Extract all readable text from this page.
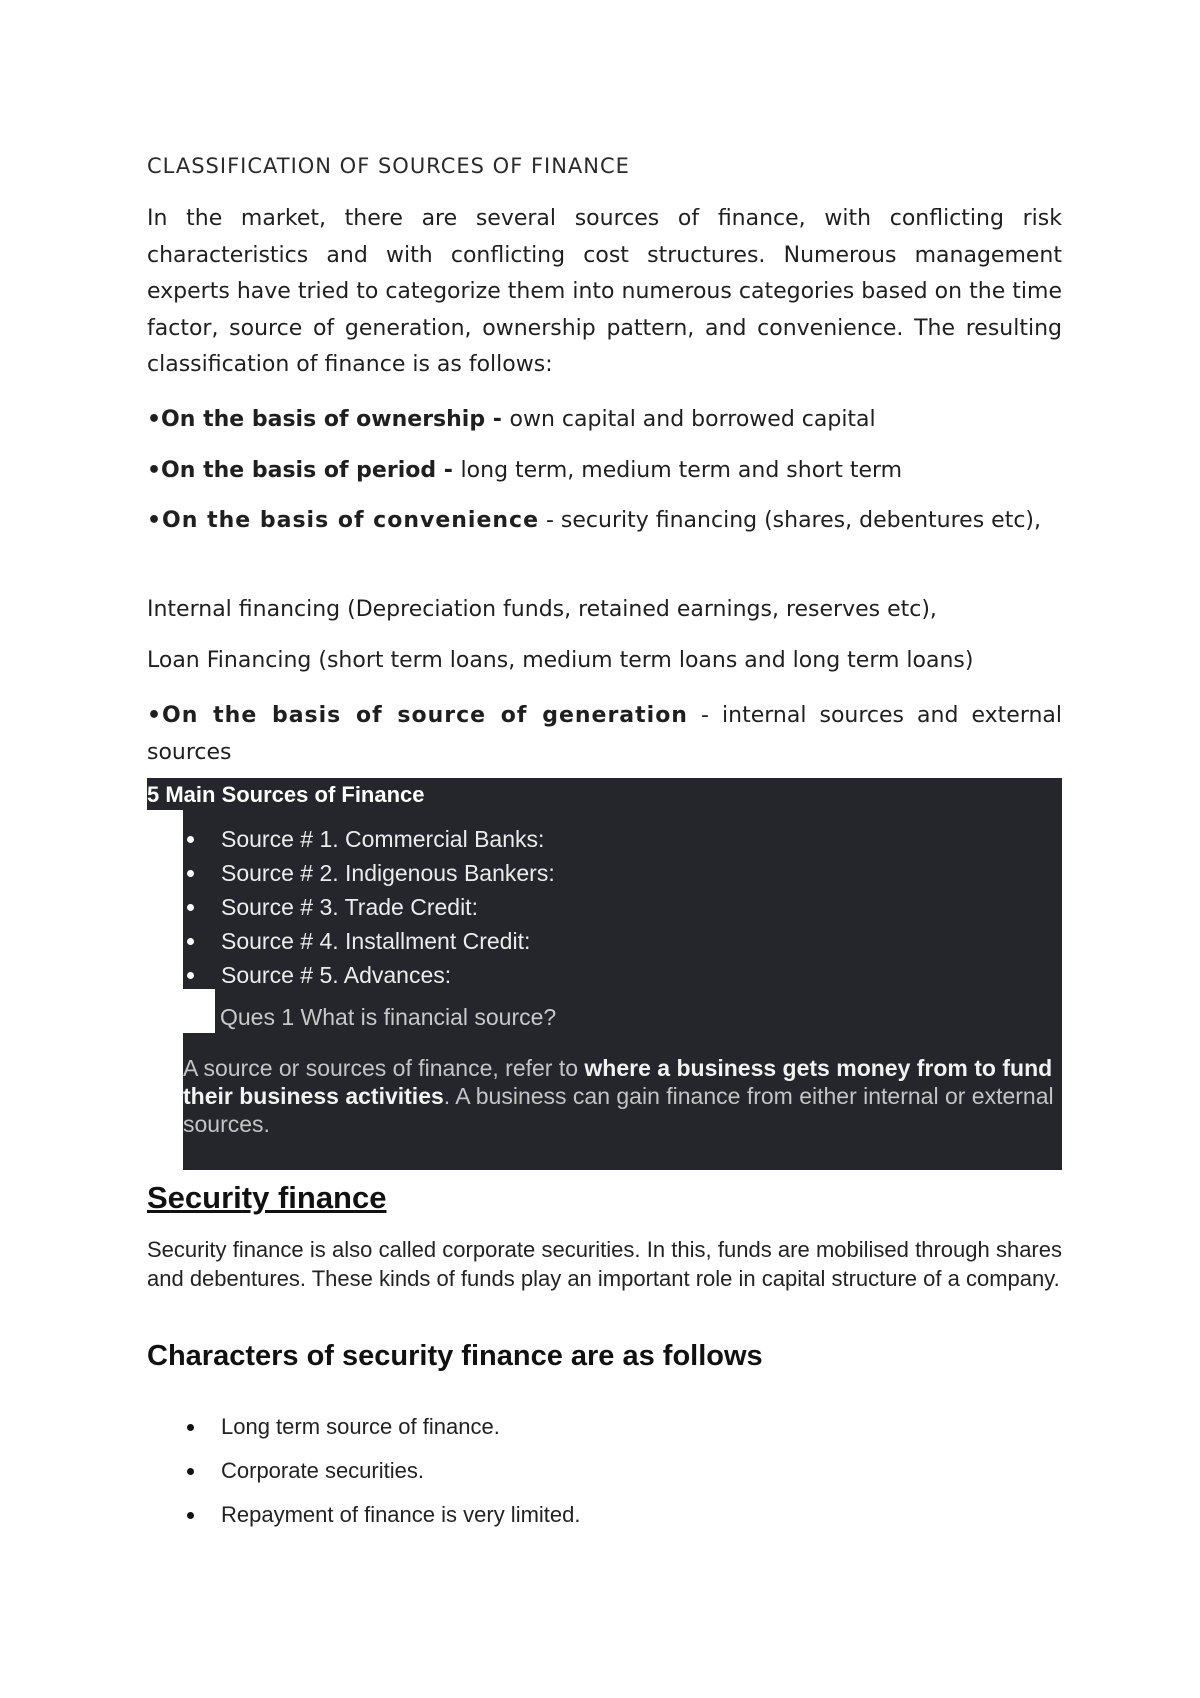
CLASSIFICATION OF SOURCES OF FINANCE
In the market, there are several sources of finance, with conflicting risk characteristics and with conflicting cost structures. Numerous management experts have tried to categorize them into numerous categories based on the time factor, source of generation, ownership pattern, and convenience. The resulting classification of finance is as follows:
•On the basis of ownership - own capital and borrowed capital
•On the basis of period - long term, medium term and short term
•On the basis of convenience - security financing (shares, debentures etc),
Internal financing (Depreciation funds, retained earnings, reserves etc),
Loan Financing (short term loans, medium term loans and long term loans)
•On the basis of source of generation - internal sources and external sources
5 Main Sources of Finance
Source # 1. Commercial Banks:
Source # 2. Indigenous Bankers:
Source # 3. Trade Credit:
Source # 4. Installment Credit:
Source # 5. Advances:
Ques 1 What is financial source?
A source or sources of finance, refer to where a business gets money from to fund their business activities. A business can gain finance from either internal or external sources.
Security finance
Security finance is also called corporate securities. In this, funds are mobilised through shares and debentures. These kinds of funds play an important role in capital structure of a company.
Characters of security finance are as follows
Long term source of finance.
Corporate securities.
Repayment of finance is very limited.
